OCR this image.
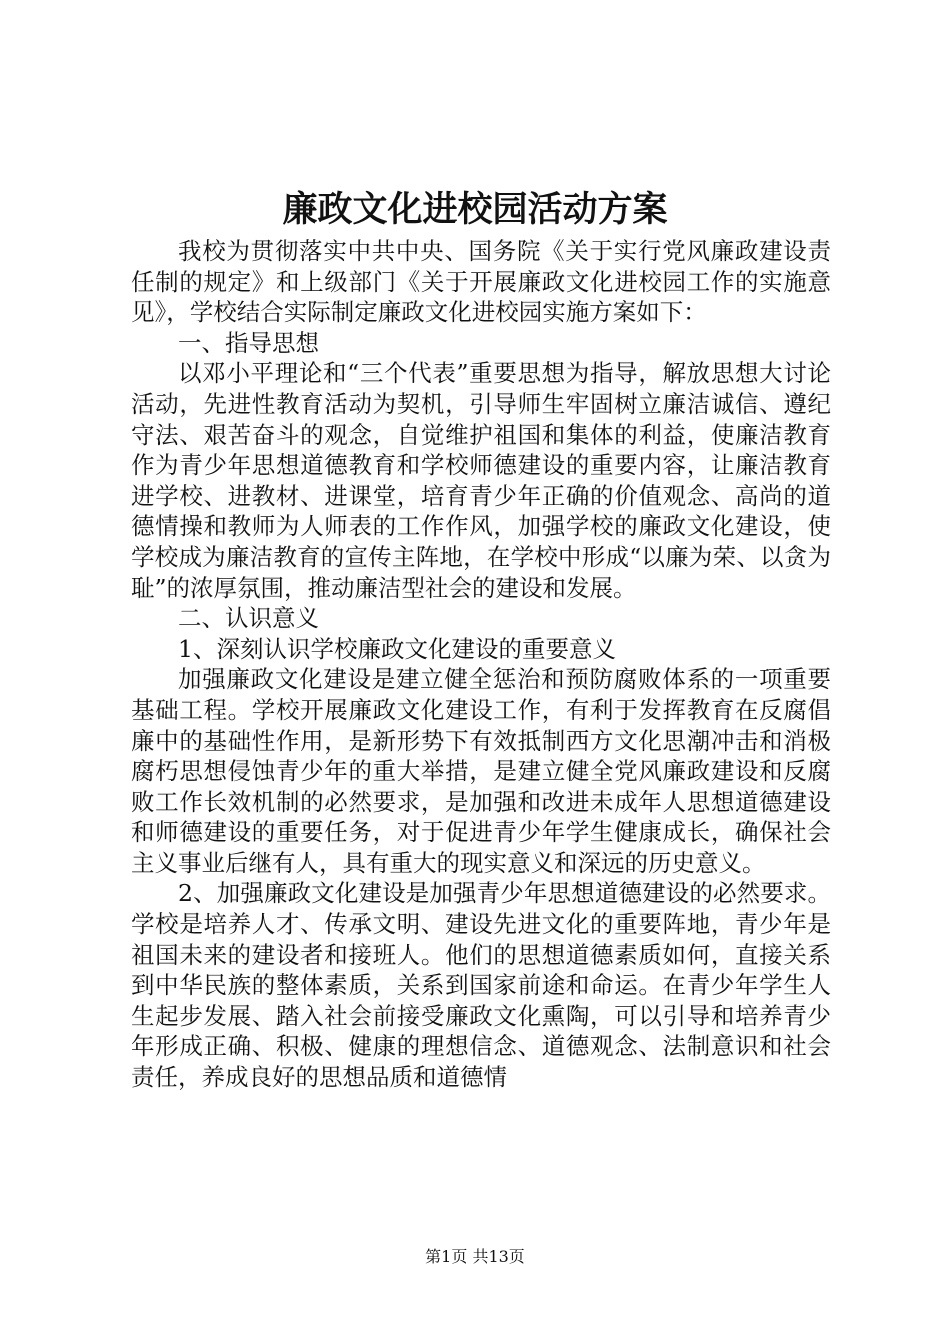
廉政文化进校园活动方案

我校为贯彻落实中共中央、国务院《关于实行党风廉政建设责任制的规定》和上级部门《关于开展廉政文化进校园工作的实施意见》，学校结合实际制定廉政文化进校园实施方案如下：

一、指导思想

以邓小平理论和“三个代表”重要思想为指导，解放思想大讨论活动，先进性教育活动为契机，引导师生牢固树立廉洁诚信、遵纪守法、艰苦奋斗的观念，自觉维护祖国和集体的利益，使廉洁教育作为青少年思想道德教育和学校师德建设的重要内容，让廉洁教育进学校、进教材、进课堂，培育青少年正确的价值观念、高尚的道德情操和教师为人师表的工作作风，加强学校的廉政文化建设，使学校成为廉洁教育的宣传主阵地，在学校中形成“以廉为荣、以贪为耻”的浓厚氛围，推动廉洁型社会的建设和发展。

二、认识意义

1、深刻认识学校廉政文化建设的重要意义

加强廉政文化建设是建立健全惩治和预防腐败体系的一项重要基础工程。学校开展廉政文化建设工作，有利于发挥教育在反腐倡廉中的基础性作用，是新形势下有效抵制西方文化思潮冲击和消极腐朽思想侵蚀青少年的重大举措，是建立健全党风廉政建设和反腐败工作长效机制的必然要求，是加强和改进未成年人思想道德建设和师德建设的重要任务，对于促进青少年学生健康成长，确保社会主义事业后继有人，具有重大的现实意义和深远的历史意义。

2、加强廉政文化建设是加强青少年思想道德建设的必然要求。学校是培养人才、传承文明、建设先进文化的重要阵地，青少年是祖国未来的建设者和接班人。他们的思想道德素质如何，直接关系到中华民族的整体素质，关系到国家前途和命运。在青少年学生人生起步发展、踏入社会前接受廉政文化熏陶，可以引导和培养青少年形成正确、积极、健康的理想信念、道德观念、法制意识和社会责任，养成良好的思想品质和道德情

第1页 共13页
